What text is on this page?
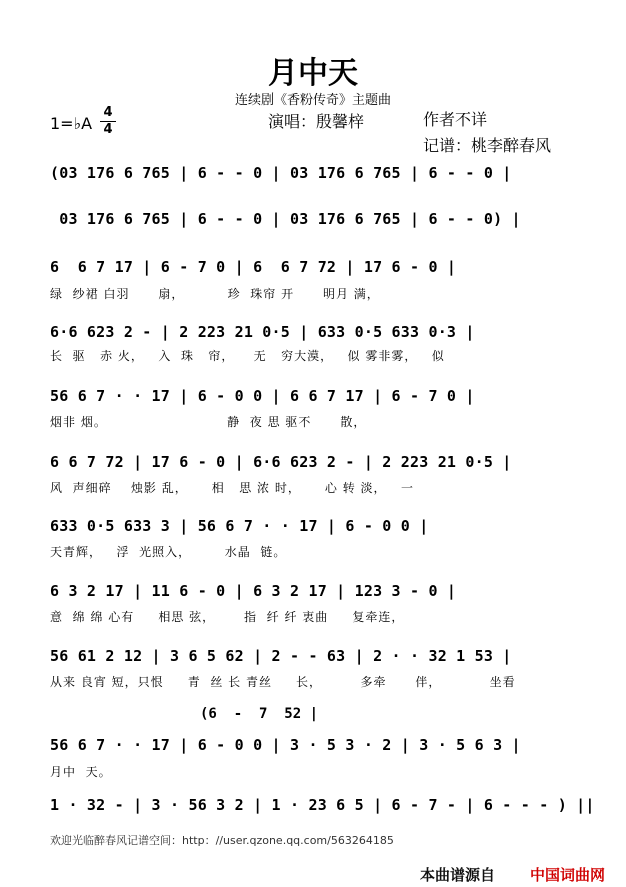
月中天
连续剧《香粉传奇》主题曲
1=♭A
4
4	演唱：殷馨梓	作者不详
记谱：桃李醉春风
(03 176 6 765 | 6 - - 0 | 03 176 6 765 | 6 - - 0 |
03 176 6 765 | 6 - - 0 | 03 176 6 765 | 6 - - 0) |
6  6 7 17 | 6 - 7 0 | 6  6 7 72 | 17 6 - 0 |
绿  纱裙 白羽      扇，         珍  珠帘 开      明月 满，
6·6 623 2 - | 2 223 21 0·5 | 633 0·5 633 0·3 |
长  驱   赤 火，   入  珠   帘，    无   穷大漠，   似 雾非雾，   似
56 6 7 · · 17 | 6 - 0 0 | 6 6 7 17 | 6 - 7 0 |
烟非 烟。                         静  夜 思 驱不      散，
6 6 7 72 | 17 6 - 0 | 6·6 623 2 - | 2 223 21 0·5 |
风  声细碎    烛影 乱，     相   思 浓 时，     心 转 淡，   一
633 0·5 633 3 | 56 6 7 · · 17 | 6 - 0 0 |
天青辉，   浮  光照入，       水晶  链。
6 3 2 17 | 11 6 - 0 | 6 3 2 17 | 123 3 - 0 |
意  绵 绵 心有     相思 弦，      指  纤 纤 衷曲     复牵连，
56 61 2 12 | 3 6 5 62 | 2 - - 63 | 2 · · 32 1 53 |
从来 良宵 短，只恨     青  丝 长 青丝     长，        多牵      伴，          坐看
(6  -  7  52 |
56 6 7 · · 17 | 6 - 0 0 | 3 · 5 3 · 2 | 3 · 5 6 3 |
月中  天。
1 · 32 - | 3 · 56 3 2 | 1 · 23 6 5 | 6 - 7 - | 6 - - - ) ||
欢迎光临醉春风记谱空间：http：//user.qzone.qq.com/563264185
本曲谱源自 中国词曲网
